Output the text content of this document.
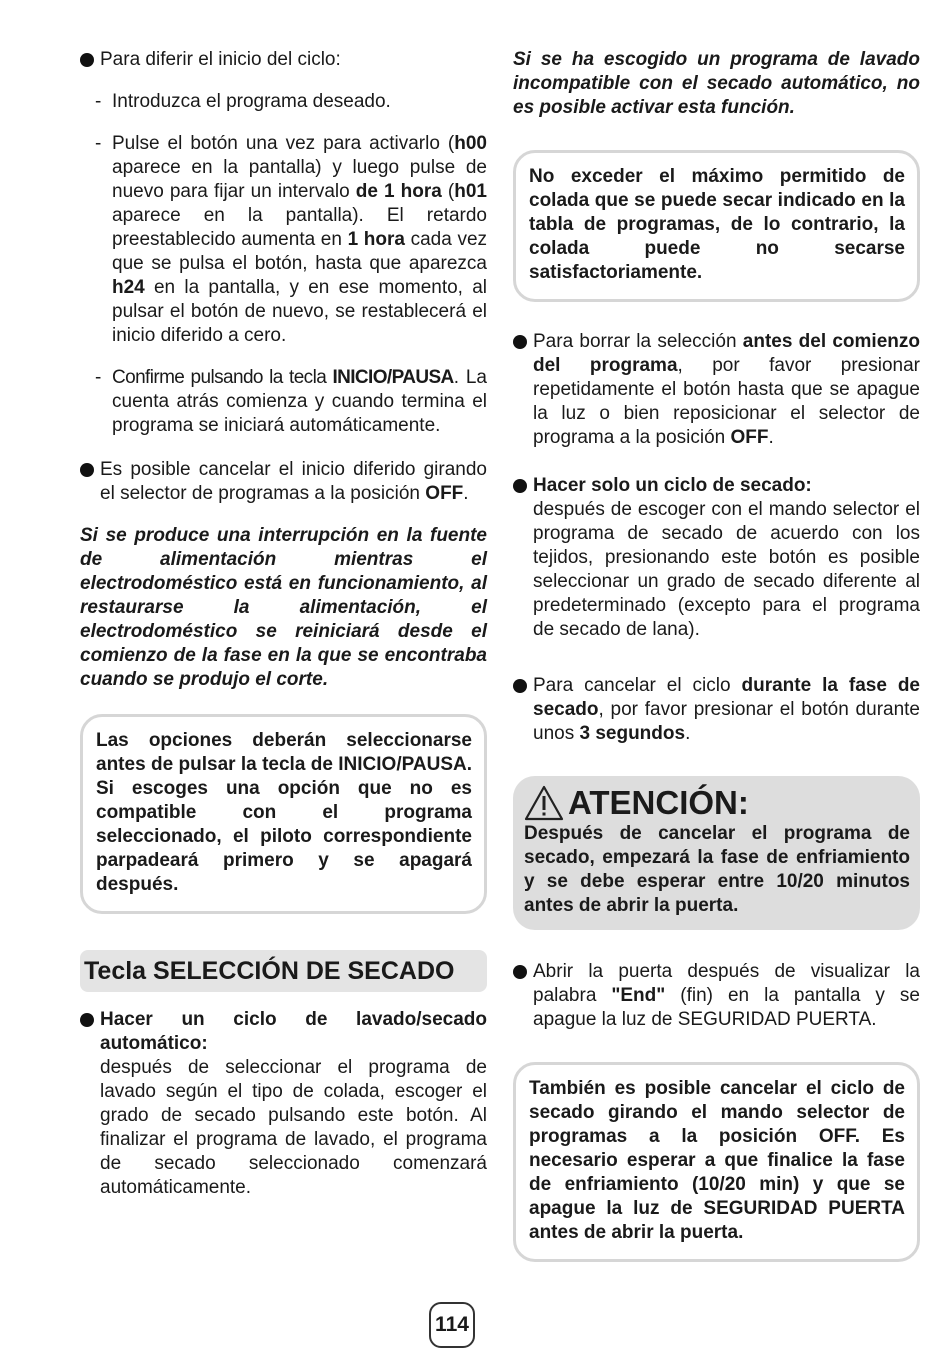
Para diferir el inicio del ciclo:

- Introduzca el programa deseado.

- Pulse el botón una vez para activarlo (h00 aparece en la pantalla) y luego pulse de nuevo para fijar un intervalo de 1 hora (h01 aparece en la pantalla). El retardo preestablecido aumenta en 1 hora cada vez que se pulsa el botón, hasta que aparezca h24 en la pantalla, y en ese momento, al pulsar el botón de nuevo, se restablecerá el inicio diferido a cero.

- Confirme pulsando la tecla INICIO/PAUSA. La cuenta atrás comienza y cuando termina el programa se iniciará automáticamente.

Es posible cancelar el inicio diferido girando el selector de programas a la posición OFF.

Si se produce una interrupción en la fuente de alimentación mientras el electrodoméstico está en funcionamiento, al restaurarse la alimentación, el electrodoméstico se reiniciará desde el comienzo de la fase en la que se encontraba cuando se produjo el corte.

Las opciones deberán seleccionarse antes de pulsar la tecla de INICIO/PAUSA. Si escoges una opción que no es compatible con el programa seleccionado, el piloto correspondiente parpadeará primero y se apagará después.
Tecla SELECCIÓN DE SECADO
Hacer un ciclo de lavado/secado automático:
después de seleccionar el programa de lavado según el tipo de colada, escoger el grado de secado pulsando este botón. Al finalizar el programa de lavado, el programa de secado seleccionado comenzará automáticamente.

Si se ha escogido un programa de lavado incompatible con el secado automático, no es posible activar esta función.

No exceder el máximo permitido de colada que se puede secar indicado en la tabla de programas, de lo contrario, la colada puede no secarse satisfactoriamente.

Para borrar la selección antes del comienzo del programa, por favor presionar repetidamente el botón hasta que se apague la luz o bien reposicionar el selector de programa a la posición OFF.

Hacer solo un ciclo de secado:
después de escoger con el mando selector el programa de secado de acuerdo con los tejidos, presionando este botón es posible seleccionar un grado de secado diferente al predeterminado (excepto para el programa de secado de lana).

Para cancelar el ciclo durante la fase de secado, por favor presionar el botón durante unos 3 segundos.

ATENCIÓN:
Después de cancelar el programa de secado, empezará la fase de enfriamiento y se debe esperar entre 10/20 minutos antes de abrir la puerta.

Abrir la puerta después de visualizar la palabra "End" (fin) en la pantalla y se apague la luz de SEGURIDAD PUERTA.

También es posible cancelar el ciclo de secado girando el mando selector de programas a la posición OFF. Es necesario esperar a que finalice la fase de enfriamiento (10/20 min) y que se apague la luz de SEGURIDAD PUERTA antes de abrir la puerta.
114
